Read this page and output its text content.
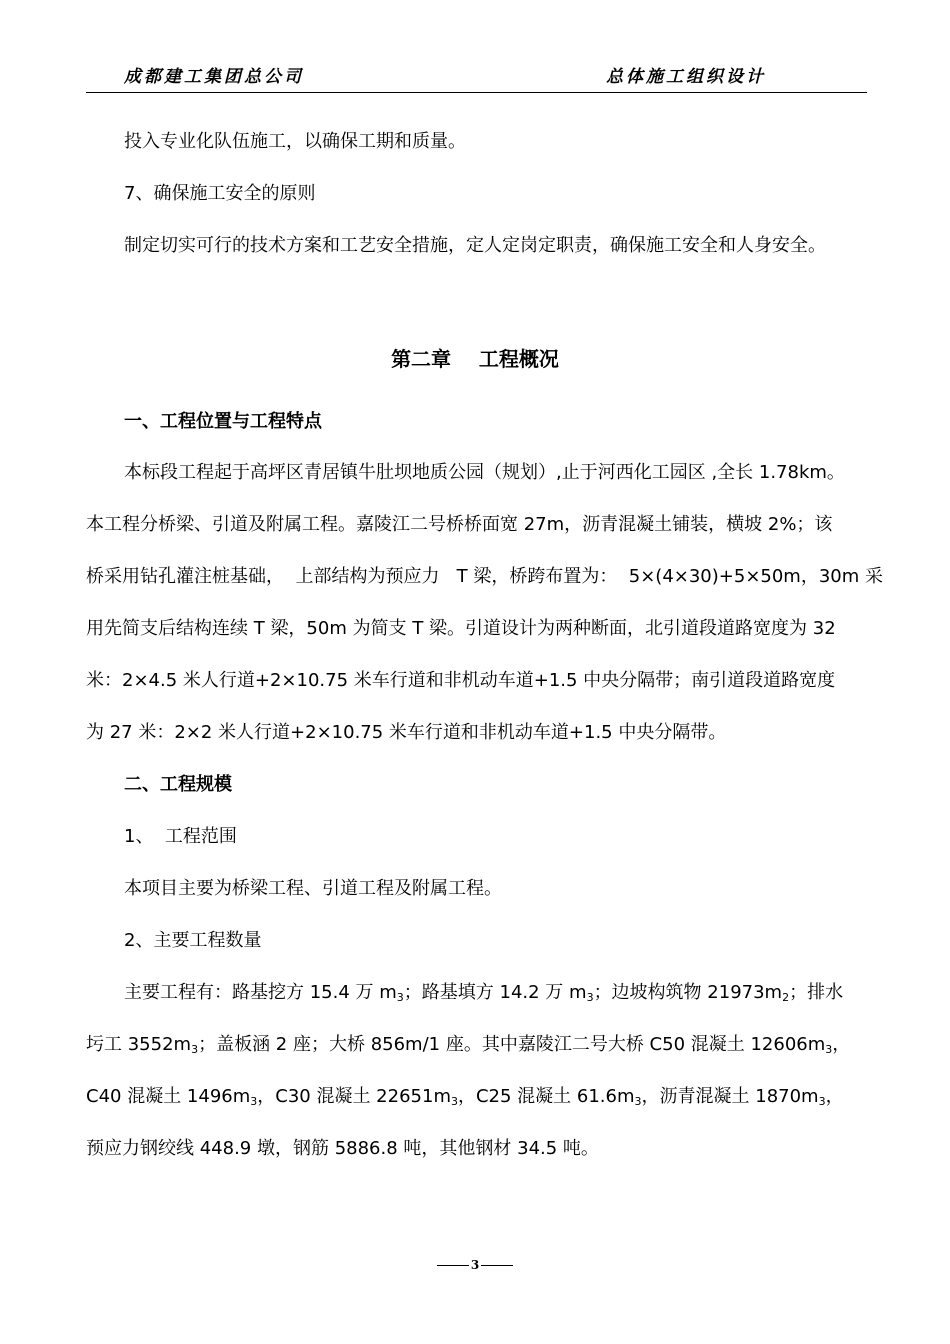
成都建工集团总公司	总体施工组织设计
投入专业化队伍施工，以确保工期和质量。
7、确保施工安全的原则
制定切实可行的技术方案和工艺安全措施，定人定岗定职责，确保施工安全和人身安全。
第二章 工程概况
一、工程位置与工程特点
本标段工程起于高坪区青居镇牛肚坝地质公园（规划）,止于河西化工园区 ,全长 1.78km。
本工程分桥梁、引道及附属工程。嘉陵江二号桥桥面宽 27m，沥青混凝土铺装，横坡 2%；该
桥采用钻孔灌注桩基础，  上部结构为预应力   T 梁，桥跨布置为：  5×(4×30)+5×50m，30m 采
用先简支后结构连续 T 梁，50m 为简支 T 梁。引道设计为两种断面，北引道段道路宽度为 32
米：2×4.5 米人行道+2×10.75 米车行道和非机动车道+1.5 中央分隔带；南引道段道路宽度
为 27 米：2×2 米人行道+2×10.75 米车行道和非机动车道+1.5 中央分隔带。
二、工程规模
1、  工程范围
本项目主要为桥梁工程、引道工程及附属工程。
2、主要工程数量
主要工程有：路基挖方 15.4 万 $m_3$；路基填方 14.2 万 $m_3$；边坡构筑物 $21973m_2$；排水
圬工 $3552m_3$；盖板涵 2 座；大桥 856m/1 座。其中嘉陵江二号大桥 C50 混凝土 $12606m_3$，
C40 混凝土 $1496m_3$，C30 混凝土 $22651m_3$，C25 混凝土 $61.6m_3$，沥青混凝土 $1870m_3$，
预应力钢绞线 448.9 墩，钢筋 5886.8 吨，其他钢材 34.5 吨。
3
